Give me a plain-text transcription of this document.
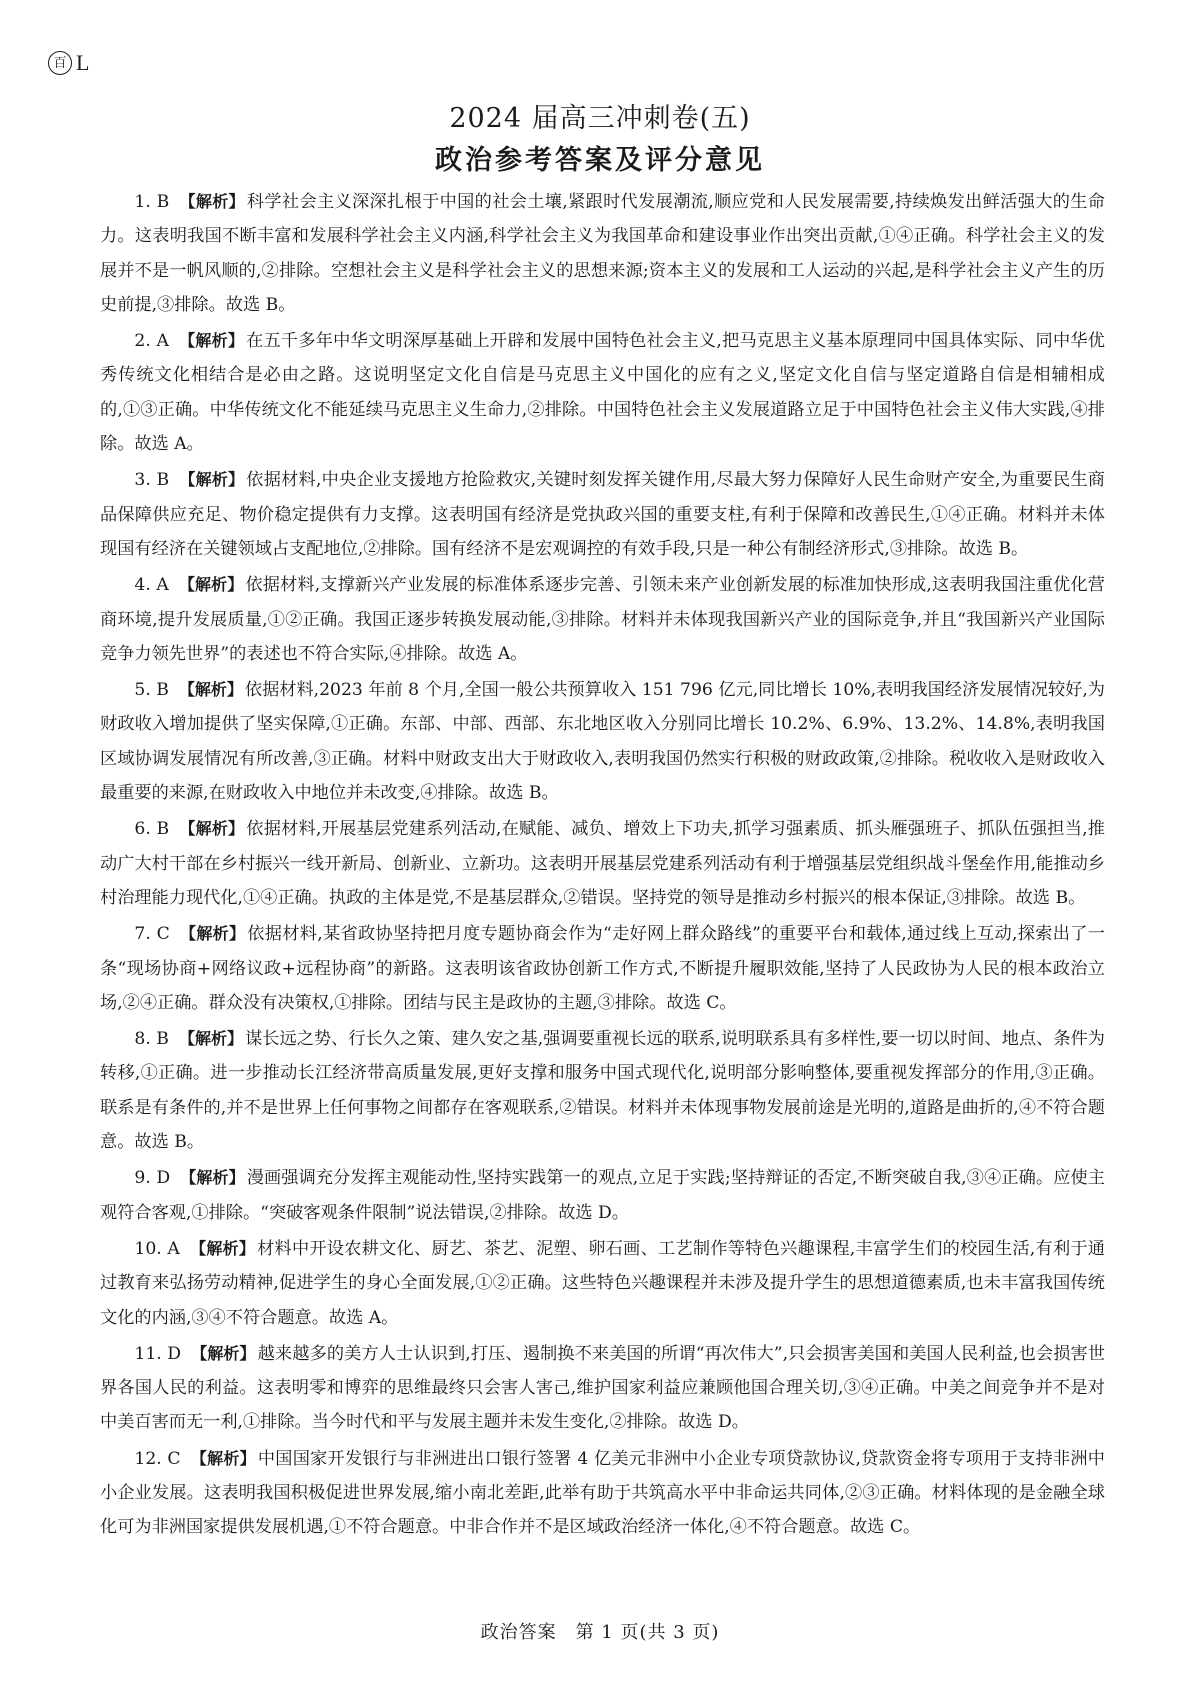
百 L
2024 届高三冲刺卷(五)
政治参考答案及评分意见

1. B 【解析】 科学社会主义深深扎根于中国的社会土壤,紧跟时代发展潮流,顺应党和人民发展需要,持续焕发出鲜活强大的生命力。这表明我国不断丰富和发展科学社会主义内涵,科学社会主义为我国革命和建设事业作出突出贡献,①④正确。科学社会主义的发展并不是一帆风顺的,②排除。空想社会主义是科学社会主义的思想来源;资本主义的发展和工人运动的兴起,是科学社会主义产生的历史前提,③排除。故选 B。

2. A 【解析】 在五千多年中华文明深厚基础上开辟和发展中国特色社会主义,把马克思主义基本原理同中国具体实际、同中华优秀传统文化相结合是必由之路。这说明坚定文化自信是马克思主义中国化的应有之义,坚定文化自信与坚定道路自信是相辅相成的,①③正确。中华传统文化不能延续马克思主义生命力,②排除。中国特色社会主义发展道路立足于中国特色社会主义伟大实践,④排除。故选 A。

3. B 【解析】 依据材料,中央企业支援地方抢险救灾,关键时刻发挥关键作用,尽最大努力保障好人民生命财产安全,为重要民生商品保障供应充足、物价稳定提供有力支撑。这表明国有经济是党执政兴国的重要支柱,有利于保障和改善民生,①④正确。材料并未体现国有经济在关键领域占支配地位,②排除。国有经济不是宏观调控的有效手段,只是一种公有制经济形式,③排除。故选 B。

4. A 【解析】 依据材料,支撑新兴产业发展的标准体系逐步完善、引领未来产业创新发展的标准加快形成,这表明我国注重优化营商环境,提升发展质量,①②正确。我国正逐步转换发展动能,③排除。材料并未体现我国新兴产业的国际竞争,并且“我国新兴产业国际竞争力领先世界”的表述也不符合实际,④排除。故选 A。

5. B 【解析】 依据材料,2023 年前 8 个月,全国一般公共预算收入 151 796 亿元,同比增长 10%,表明我国经济发展情况较好,为财政收入增加提供了坚实保障,①正确。东部、中部、西部、东北地区收入分别同比增长 10.2%、6.9%、13.2%、14.8%,表明我国区域协调发展情况有所改善,③正确。材料中财政支出大于财政收入,表明我国仍然实行积极的财政政策,②排除。税收收入是财政收入最重要的来源,在财政收入中地位并未改变,④排除。故选 B。

6. B 【解析】 依据材料,开展基层党建系列活动,在赋能、减负、增效上下功夫,抓学习强素质、抓头雁强班子、抓队伍强担当,推动广大村干部在乡村振兴一线开新局、创新业、立新功。这表明开展基层党建系列活动有利于增强基层党组织战斗堡垒作用,能推动乡村治理能力现代化,①④正确。执政的主体是党,不是基层群众,②错误。坚持党的领导是推动乡村振兴的根本保证,③排除。故选 B。

7. C 【解析】 依据材料,某省政协坚持把月度专题协商会作为“走好网上群众路线”的重要平台和载体,通过线上互动,探索出了一条“现场协商+网络议政+远程协商”的新路。这表明该省政协创新工作方式,不断提升履职效能,坚持了人民政协为人民的根本政治立场,②④正确。群众没有决策权,①排除。团结与民主是政协的主题,③排除。故选 C。

8. B 【解析】 谋长远之势、行长久之策、建久安之基,强调要重视长远的联系,说明联系具有多样性,要一切以时间、地点、条件为转移,①正确。进一步推动长江经济带高质量发展,更好支撑和服务中国式现代化,说明部分影响整体,要重视发挥部分的作用,③正确。联系是有条件的,并不是世界上任何事物之间都存在客观联系,②错误。材料并未体现事物发展前途是光明的,道路是曲折的,④不符合题意。故选 B。

9. D 【解析】 漫画强调充分发挥主观能动性,坚持实践第一的观点,立足于实践;坚持辩证的否定,不断突破自我,③④正确。应使主观符合客观,①排除。“突破客观条件限制”说法错误,②排除。故选 D。

10. A 【解析】 材料中开设农耕文化、厨艺、茶艺、泥塑、卵石画、工艺制作等特色兴趣课程,丰富学生们的校园生活,有利于通过教育来弘扬劳动精神,促进学生的身心全面发展,①②正确。这些特色兴趣课程并未涉及提升学生的思想道德素质,也未丰富我国传统文化的内涵,③④不符合题意。故选 A。

11. D 【解析】 越来越多的美方人士认识到,打压、遏制换不来美国的所谓“再次伟大”,只会损害美国和美国人民利益,也会损害世界各国人民的利益。这表明零和博弈的思维最终只会害人害己,维护国家利益应兼顾他国合理关切,③④正确。中美之间竞争并不是对中美百害而无一利,①排除。当今时代和平与发展主题并未发生变化,②排除。故选 D。

12. C 【解析】 中国国家开发银行与非洲进出口银行签署 4 亿美元非洲中小企业专项贷款协议,贷款资金将专项用于支持非洲中小企业发展。这表明我国积极促进世界发展,缩小南北差距,此举有助于共筑高水平中非命运共同体,②③正确。材料体现的是金融全球化可为非洲国家提供发展机遇,①不符合题意。中非合作并不是区域政治经济一体化,④不符合题意。故选 C。

政治答案　第 1 页(共 3 页)
